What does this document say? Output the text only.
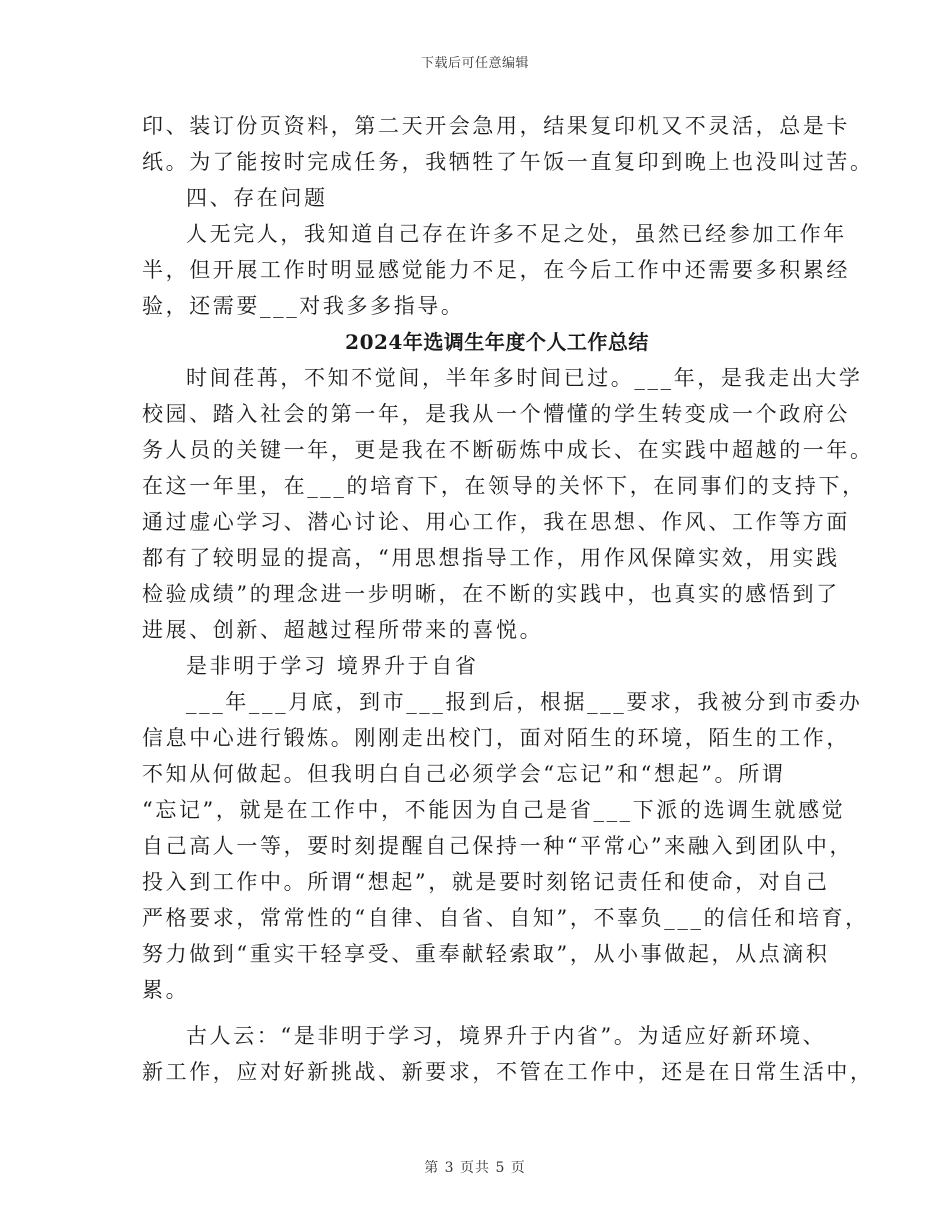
下载后可任意编辑
印、装订份页资料，第二天开会急用，结果复印机又不灵活，总是卡
纸。为了能按时完成任务，我牺牲了午饭一直复印到晚上也没叫过苦。
四、存在问题
人无完人，我知道自己存在许多不足之处，虽然已经参加工作年
半，但开展工作时明显感觉能力不足，在今后工作中还需要多积累经
验，还需要___对我多多指导。
2024年选调生年度个人工作总结
时间荏苒，不知不觉间，半年多时间已过。___年，是我走出大学
校园、踏入社会的第一年，是我从一个懵懂的学生转变成一个政府公
务人员的关键一年，更是我在不断砺炼中成长、在实践中超越的一年。
在这一年里，在___的培育下，在领导的关怀下，在同事们的支持下，
通过虚心学习、潜心讨论、用心工作，我在思想、作风、工作等方面
都有了较明显的提高，“用思想指导工作，用作风保障实效，用实践
检验成绩”的理念进一步明晰，在不断的实践中，也真实的感悟到了
进展、创新、超越过程所带来的喜悦。
是非明于学习 境界升于自省
___年___月底，到市___报到后，根据___要求，我被分到市委办
信息中心进行锻炼。刚刚走出校门，面对陌生的环境，陌生的工作，
不知从何做起。但我明白自己必须学会“忘记”和“想起”。所谓
“忘记”，就是在工作中，不能因为自己是省___下派的选调生就感觉
自己高人一等，要时刻提醒自己保持一种“平常心”来融入到团队中，
投入到工作中。所谓“想起”，就是要时刻铭记责任和使命，对自己
严格要求，常常性的“自律、自省、自知”，不辜负___的信任和培育，
努力做到“重实干轻享受、重奉献轻索取”，从小事做起，从点滴积
累。
古人云：“是非明于学习，境界升于内省”。为适应好新环境、
新工作，应对好新挑战、新要求，不管在工作中，还是在日常生活中，
第 3 页共 5 页
